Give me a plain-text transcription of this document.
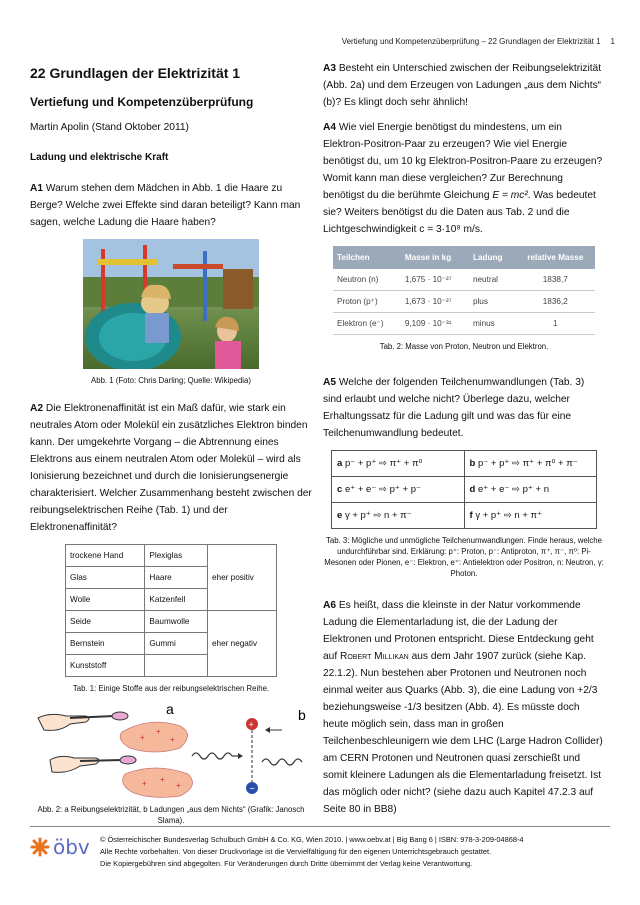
Vertiefung und Kompetenzüberprüfung – 22 Grundlagen der Elektrizität 1 1
22 Grundlagen der Elektrizität 1
Vertiefung und Kompetenzüberprüfung

Martin Apolin (Stand Oktober 2011)

Ladung und elektrische Kraft

A1 Warum stehen dem Mädchen in Abb. 1 die Haare zu Berge? Welche zwei Effekte sind daran beteiligt? Kann man sagen, welche Ladung die Haare haben?

Abb. 1 (Foto: Chris Darling; Quelle: Wikipedia)

A2 Die Elektronenaffinität ist ein Maß dafür, wie stark ein neutrales Atom oder Molekül ein zusätzliches Elektron binden kann. Der umgekehrte Vorgang – die Abtrennung eines Elektrons aus einem neutralen Atom oder Molekül – wird als Ionisierung bezeichnet und durch die Ionisierungsenergie charakterisiert. Welcher Zusammenhang besteht zwischen der reibungselektrischen Reihe (Tab. 1) und der Elektronenaffinität?

trockene Hand	Plexiglas	eher positiv
Glas	Haare	
Wolle	Katzenfell	
Seide	Baumwolle	eher negativ
Bernstein	Gummi	
Kunststoff		
Tab. 1: Einige Stoffe aus der reibungselektrischen Reihe.
+
+
+
+ +
+
a
+
−
b
Abb. 2: a Reibungselektrizität, b Ladungen „aus dem Nichts“ (Grafik: Janosch Slama).

A3 Besteht ein Unterschied zwischen der Reibungselektrizität (Abb. 2a) und dem Erzeugen von Ladungen „aus dem Nichts“ (b)? Es klingt doch sehr ähnlich!

A4 Wie viel Energie benötigst du mindestens, um ein Elektron-Positron-Paar zu erzeugen? Wie viel Energie benötigst du, um 10 kg Elektron-Positron-Paare zu erzeugen? Womit kann man diese vergleichen? Zur Berechnung benötigst du die berühmte Gleichung E = mc². Was bedeutet sie? Weiters benötigst du die Daten aus Tab. 2 und die Lichtgeschwindigkeit c = 3·10⁸ m/s.

Teilchen	Masse in kg	Ladung	relative Masse
Neutron (n)	1,675 · 10⁻²⁷	neutral	1838,7
Proton (p⁺)	1,673 · 10⁻²⁷	plus	1836,2
Elektron (e⁻)	9,109 · 10⁻³¹	minus	1
Tab. 2: Masse von Proton, Neutron und Elektron.

A5 Welche der folgenden Teilchenumwandlungen (Tab. 3) sind erlaubt und welche nicht? Überlege dazu, welcher Erhaltungssatz für die Ladung gilt und was das für eine Teilchenumwandlung bedeutet.

a p⁻ + p⁺ ⇨ π⁺ + π⁰	b p⁻ + p⁺ ⇨ π⁺ + π⁰ + π⁻
c e⁺ + e⁻ ⇨ p⁺ + p⁻	d e⁺ + e⁻ ⇨ p⁺ + n
e γ + p⁺ ⇨ n + π⁻	f γ + p⁺ ⇨ n + π⁺
Tab. 3: Mögliche und unmögliche Teilchenumwandlungen. Finde heraus, welche undurchführbar sind. Erklärung: p⁺: Proton, p⁻: Antiproton, π⁺, π⁻, π⁰: Pi-Mesonen oder Pionen, e⁻: Elektron, e⁺: Antielektron oder Positron, n: Neutron, γ: Photon.

A6 Es heißt, dass die kleinste in der Natur vorkommende Ladung die Elementarladung ist, die der Ladung der Elektronen und Protonen entspricht. Diese Entdeckung geht auf Robert Millikan aus dem Jahr 1907 zurück (siehe Kap. 22.1.2). Nun bestehen aber Protonen und Neutronen noch einmal weiter aus Quarks (Abb. 3), die eine Ladung von +2/3 beziehungsweise -1/3 besitzen (Abb. 4). Es müsste doch heute möglich sein, dass man in großen Teilchenbeschleunigern wie dem LHC (Large Hadron Collider) am CERN Protonen und Neutronen quasi zerschießt und somit kleinere Ladungen als die Elementarladung freisetzt. Ist das möglich oder nicht? (siehe dazu auch Kapitel 47.2.3 auf Seite 80 in BB8)

öbv © Österreichischer Bundesverlag Schulbuch GmbH & Co. KG, Wien 2010. | www.oebv.at | Big Bang 6 | ISBN: 978-3-209-04868-4
Alle Rechte vorbehalten. Von dieser Druckvorlage ist die Vervielfältigung für den eigenen Unterrichtsgebrauch gestattet.
Die Kopiergebühren sind abgegolten. Für Veränderungen durch Dritte übernimmt der Verlag keine Verantwortung.
